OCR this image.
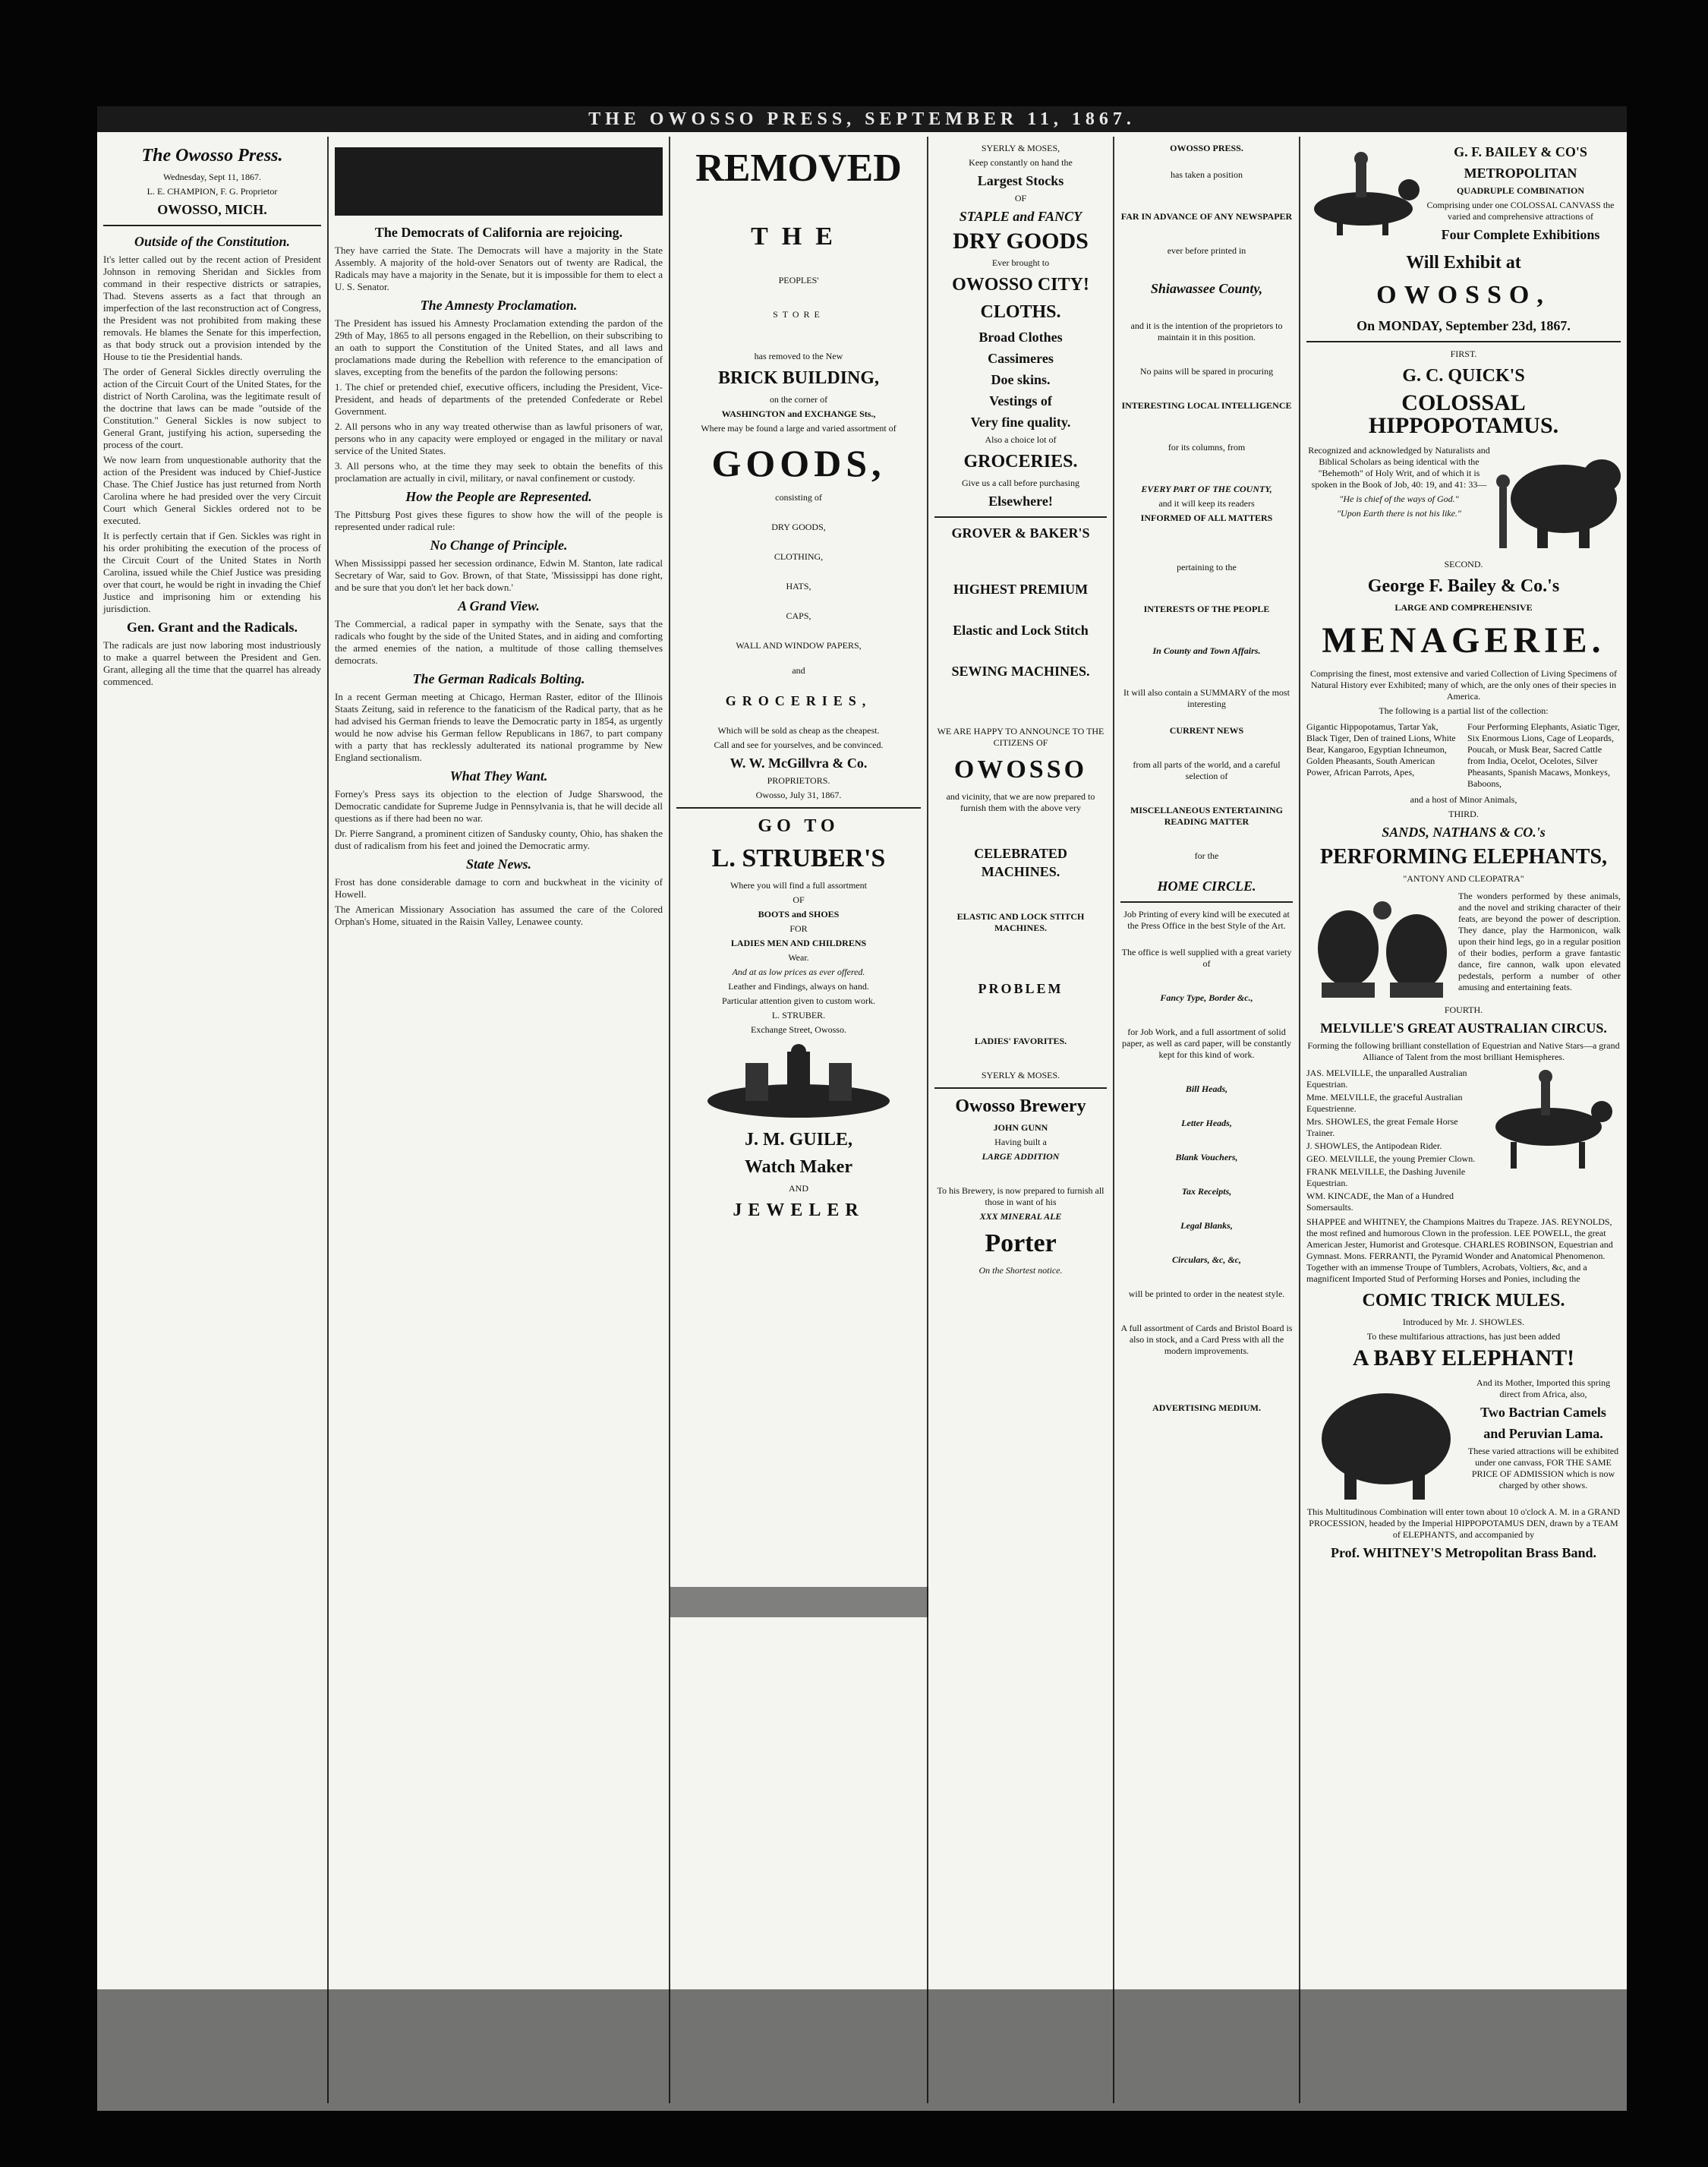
THE OWOSSO PRESS, SEPTEMBER 11, 1867.
The Owosso Press.
Wednesday, Sept 11, 1867.
L. E. CHAMPION, F. G. Proprietor
OWOSSO, MICH.
Outside of the Constitution.

It's letter called out by the recent action of President Johnson in removing Sheridan and Sickles from command in their respective districts or satrapies, Thad. Stevens asserts as a fact that through an imperfection of the last reconstruction act of Congress, the President was not prohibited from making these removals. He blames the Senate for this imperfection, as that body struck out a provision intended by the House to tie the Presidential hands.

The order of General Sickles directly overruling the action of the Circuit Court of the United States, for the district of North Carolina, was the legitimate result of the doctrine that laws can be made "outside of the Constitution." General Sickles is now subject to General Grant, justifying his action, superseding the process of the court.

We now learn from unquestionable authority that the action of the President was induced by Chief-Justice Chase. The Chief Justice has just returned from North Carolina where he had presided over the very Circuit Court which General Sickles ordered not to be executed.

It is perfectly certain that if Gen. Sickles was right in his order prohibiting the execution of the process of the Circuit Court of the United States in North Carolina, issued while the Chief Justice was presiding over that court, he would be right in invading the Chief Justice and imprisoning him or extending his jurisdiction.

Gen. Grant and the Radicals.

The radicals are just now laboring most industriously to make a quarrel between the President and Gen. Grant, alleging all the time that the quarrel has already commenced.

The Democrats of California are rejoicing.

They have carried the State. The Democrats will have a majority in the State Assembly. A majority of the hold-over Senators out of twenty are Radical, the Radicals may have a majority in the Senate, but it is impossible for them to elect a U. S. Senator.

The Amnesty Proclamation.

The President has issued his Amnesty Proclamation extending the pardon of the 29th of May, 1865 to all persons engaged in the Rebellion, on their subscribing to an oath to support the Constitution of the United States, and all laws and proclamations made during the Rebellion with reference to the emancipation of slaves, excepting from the benefits of the pardon the following persons:

1. The chief or pretended chief, executive officers, including the President, Vice-President, and heads of departments of the pretended Confederate or Rebel Government.

2. All persons who in any way treated otherwise than as lawful prisoners of war, persons who in any capacity were employed or engaged in the military or naval service of the United States.

3. All persons who, at the time they may seek to obtain the benefits of this proclamation are actually in civil, military, or naval confinement or custody.

How the People are Represented.

The Pittsburg Post gives these figures to show how the will of the people is represented under radical rule:

No Change of Principle.

When Mississippi passed her secession ordinance, Edwin M. Stanton, late radical Secretary of War, said to Gov. Brown, of that State, 'Mississippi has done right, and be sure that you don't let her back down.'

A Grand View.

The Commercial, a radical paper in sympathy with the Senate, says that the radicals who fought by the side of the United States, and in aiding and comforting the armed enemies of the nation, a multitude of those calling themselves democrats.

The German Radicals Bolting.

In a recent German meeting at Chicago, Herman Raster, editor of the Illinois Staats Zeitung, said in reference to the fanaticism of the Radical party, that as he had advised his German friends to leave the Democratic party in 1854, as urgently would he now advise his German fellow Republicans in 1867, to part company with a party that has recklessly adulterated its national programme by New England sectionalism.

What They Want.

Forney's Press says its objection to the election of Judge Sharswood, the Democratic candidate for Supreme Judge in Pennsylvania is, that he will decide all questions as if there had been no war.

Dr. Pierre Sangrand, a prominent citizen of Sandusky county, Ohio, has shaken the dust of radicalism from his feet and joined the Democratic army.

State News.

Frost has done considerable damage to corn and buckwheat in the vicinity of Howell.

The American Missionary Association has assumed the care of the Colored Orphan's Home, situated in the Raisin Valley, Lenawee county.

REMOVED
THE
PEOPLES'
STORE
has removed to the New
BRICK BUILDING,
on the corner of
WASHINGTON and EXCHANGE Sts.,
Where may be found a large and varied assortment of
GOODS,
consisting of
DRY GOODS,
CLOTHING,
HATS,
CAPS,
WALL AND WINDOW PAPERS,
and
GROCERIES,
Which will be sold as cheap as the cheapest.
Call and see for yourselves, and be convinced.
W. W. McGillvra & Co.
PROPRIETORS.
Owosso, July 31, 1867.
GO TO
L. STRUBER'S
Where you will find a full assortment
OF
BOOTS and SHOES
FOR
LADIES MEN AND CHILDRENS
Wear.
And at as low prices as ever offered.
Leather and Findings, always on hand.
Particular attention given to custom work.
L. STRUBER.
Exchange Street, Owosso.
J. M. GUILE,
Watch Maker
AND
JEWELER
SYERLY & MOSES,
Keep constantly on hand the
Largest Stocks
OF
STAPLE and FANCY
DRY GOODS
Ever brought to
OWOSSO CITY!
CLOTHS.
Broad Clothes
Cassimeres
Doe skins.
Vestings of
Very fine quality.
Also a choice lot of
GROCERIES.
Give us a call before purchasing
Elsewhere!
GROVER & BAKER'S
HIGHEST PREMIUM
Elastic and Lock Stitch
SEWING MACHINES.
WE ARE HAPPY TO ANNOUNCE TO THE CITIZENS OF
OWOSSO
and vicinity, that we are now prepared to furnish them with the above very
CELEBRATED MACHINES.
ELASTIC AND LOCK STITCH MACHINES.
PROBLEM
LADIES' FAVORITES.
SYERLY & MOSES.
Owosso Brewery
JOHN GUNN
Having built a
LARGE ADDITION
To his Brewery, is now prepared to furnish all those in want of his
XXX MINERAL ALE
Porter
On the Shortest notice.
OWOSSO PRESS.
has taken a position
FAR IN ADVANCE OF ANY NEWSPAPER
ever before printed in
Shiawassee County,
and it is the intention of the proprietors to maintain it in this position.
No pains will be spared in procuring
INTERESTING LOCAL INTELLIGENCE
for its columns, from
EVERY PART OF THE COUNTY,
and it will keep its readers
INFORMED OF ALL MATTERS
pertaining to the
INTERESTS OF THE PEOPLE
In County and Town Affairs.
It will also contain a SUMMARY of the most interesting
CURRENT NEWS
from all parts of the world, and a careful selection of
MISCELLANEOUS ENTERTAINING READING MATTER
for the
HOME CIRCLE.
Job Printing of every kind will be executed at the Press Office in the best Style of the Art.
The office is well supplied with a great variety of
Fancy Type, Border &c.,
for Job Work, and a full assortment of solid paper, as well as card paper, will be constantly kept for this kind of work.
Bill Heads,
Letter Heads,
Blank Vouchers,
Tax Receipts,
Legal Blanks,
Circulars, &c, &c,
will be printed to order in the neatest style.
A full assortment of Cards and Bristol Board is also in stock, and a Card Press with all the modern improvements.
ADVERTISING MEDIUM.
G. F. BAILEY & CO'S
METROPOLITAN
QUADRUPLE COMBINATION
Comprising under one COLOSSAL CANVASS the varied and comprehensive attractions of
Four Complete Exhibitions
Will Exhibit at
OWOSSO,
On MONDAY, September 23d, 1867.
FIRST.
G. C. QUICK'S
COLOSSAL HIPPOPOTAMUS.
Recognized and acknowledged by Naturalists and Biblical Scholars as being identical with the "Behemoth" of Holy Writ, and of which it is spoken in the Book of Job, 40: 19, and 41: 33—
"He is chief of the ways of God."
"Upon Earth there is not his like."
SECOND.
George F. Bailey & Co.'s
LARGE AND COMPREHENSIVE
MENAGERIE.
Comprising the finest, most extensive and varied Collection of Living Specimens of Natural History ever Exhibited; many of which, are the only ones of their species in America.
The following is a partial list of the collection:
Gigantic Hippopotamus, Tartar Yak, Black Tiger, Den of trained Lions, White Bear, Kangaroo, Egyptian Ichneumon, Golden Pheasants, South American Power, African Parrots, Apes,
Four Performing Elephants, Asiatic Tiger, Six Enormous Lions, Cage of Leopards, Poucah, or Musk Bear, Sacred Cattle from India, Ocelot, Ocelotes, Silver Pheasants, Spanish Macaws, Monkeys, Baboons,
and a host of Minor Animals,
THIRD.
SANDS, NATHANS & CO.'s
PERFORMING ELEPHANTS,
"ANTONY AND CLEOPATRA"
The wonders performed by these animals, and the novel and striking character of their feats, are beyond the power of description. They dance, play the Harmonicon, walk upon their hind legs, go in a regular position of their bodies, perform a grave fantastic dance, fire cannon, walk upon elevated pedestals, perform a number of other amusing and entertaining feats.
FOURTH.
MELVILLE'S GREAT AUSTRALIAN CIRCUS.
Forming the following brilliant constellation of Equestrian and Native Stars—a grand Alliance of Talent from the most brilliant Hemispheres.
JAS. MELVILLE, the unparalled Australian Equestrian.
Mme. MELVILLE, the graceful Australian Equestrienne.
Mrs. SHOWLES, the great Female Horse Trainer.
J. SHOWLES, the Antipodean Rider.
GEO. MELVILLE, the young Premier Clown.
FRANK MELVILLE, the Dashing Juvenile Equestrian.
WM. KINCADE, the Man of a Hundred Somersaults.
SHAPPEE and WHITNEY, the Champions Maitres du Trapeze. JAS. REYNOLDS, the most refined and humorous Clown in the profession. LEE POWELL, the great American Jester, Humorist and Grotesque. CHARLES ROBINSON, Equestrian and Gymnast. Mons. FERRANTI, the Pyramid Wonder and Anatomical Phenomenon. Together with an immense Troupe of Tumblers, Acrobats, Voltiers, &c, and a magnificent Imported Stud of Performing Horses and Ponies, including the
COMIC TRICK MULES.
Introduced by Mr. J. SHOWLES.
To these multifarious attractions, has just been added
A BABY ELEPHANT!
And its Mother, Imported this spring direct from Africa, also,
Two Bactrian Camels
and Peruvian Lama.
These varied attractions will be exhibited under one canvass, FOR THE SAME PRICE OF ADMISSION which is now charged by other shows.
This Multitudinous Combination will enter town about 10 o'clock A. M. in a GRAND PROCESSION, headed by the Imperial HIPPOPOTAMUS DEN, drawn by a TEAM of ELEPHANTS, and accompanied by
Prof. WHITNEY'S Metropolitan Brass Band.
